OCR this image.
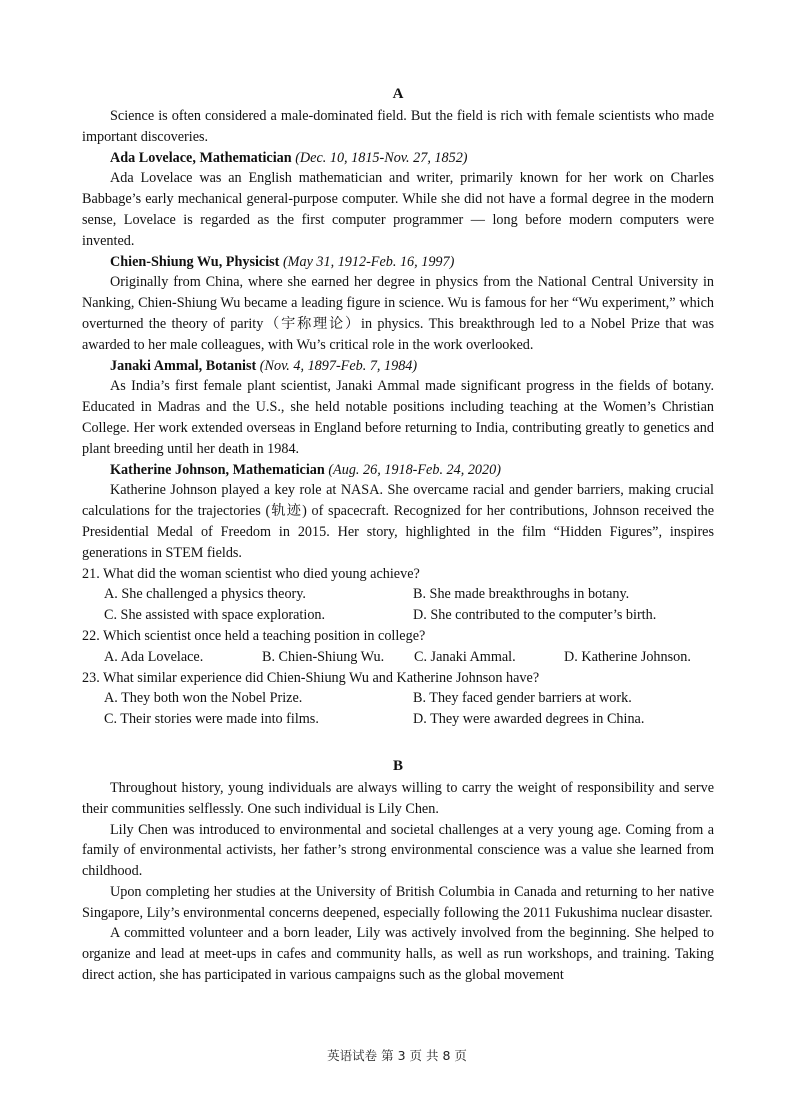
A

Science is often considered a male-dominated field. But the field is rich with female scientists who made important discoveries.

Ada Lovelace, Mathematician (Dec. 10, 1815-Nov. 27, 1852)

Ada Lovelace was an English mathematician and writer, primarily known for her work on Charles Babbage’s early mechanical general-purpose computer. While she did not have a formal degree in the modern sense, Lovelace is regarded as the first computer programmer — long before modern computers were invented.

Chien-Shiung Wu, Physicist (May 31, 1912-Feb. 16, 1997)

Originally from China, where she earned her degree in physics from the National Central University in Nanking, Chien-Shiung Wu became a leading figure in science. Wu is famous for her “Wu experiment,” which overturned the theory of parity（宇称理论）in physics. This breakthrough led to a Nobel Prize that was awarded to her male colleagues, with Wu’s critical role in the work overlooked.

Janaki Ammal, Botanist (Nov. 4, 1897-Feb. 7, 1984)

As India’s first female plant scientist, Janaki Ammal made significant progress in the fields of botany. Educated in Madras and the U.S., she held notable positions including teaching at the Women’s Christian College. Her work extended overseas in England before returning to India, contributing greatly to genetics and plant breeding until her death in 1984.

Katherine Johnson, Mathematician (Aug. 26, 1918-Feb. 24, 2020)

Katherine Johnson played a key role at NASA. She overcame racial and gender barriers, making crucial calculations for the trajectories (轨迹) of spacecraft. Recognized for her contributions, Johnson received the Presidential Medal of Freedom in 2015. Her story, highlighted in the film “Hidden Figures”, inspires generations in STEM fields.

21. What did the woman scientist who died young achieve?

A. She challenged a physics theory.	B. She made breakthroughs in botany.
C. She assisted with space exploration.	D. She contributed to the computer’s birth.

22. Which scientist once held a teaching position in college?

A. Ada Lovelace.	B. Chien-Shiung Wu.	C. Janaki Ammal.	D. Katherine Johnson.

23. What similar experience did Chien-Shiung Wu and Katherine Johnson have?

A. They both won the Nobel Prize.	B. They faced gender barriers at work.
C. Their stories were made into films.	D. They were awarded degrees in China.
B

Throughout history, young individuals are always willing to carry the weight of responsibility and serve their communities selflessly. One such individual is Lily Chen.

Lily Chen was introduced to environmental and societal challenges at a very young age. Coming from a family of environmental activists, her father’s strong environmental conscience was a value she learned from childhood.

Upon completing her studies at the University of British Columbia in Canada and returning to her native Singapore, Lily’s environmental concerns deepened, especially following the 2011 Fukushima nuclear disaster.

A committed volunteer and a born leader, Lily was actively involved from the beginning. She helped to organize and lead at meet-ups in cafes and community halls, as well as run workshops, and training. Taking direct action, she has participated in various campaigns such as the global movement

英语试卷 第 3 页 共 8 页
